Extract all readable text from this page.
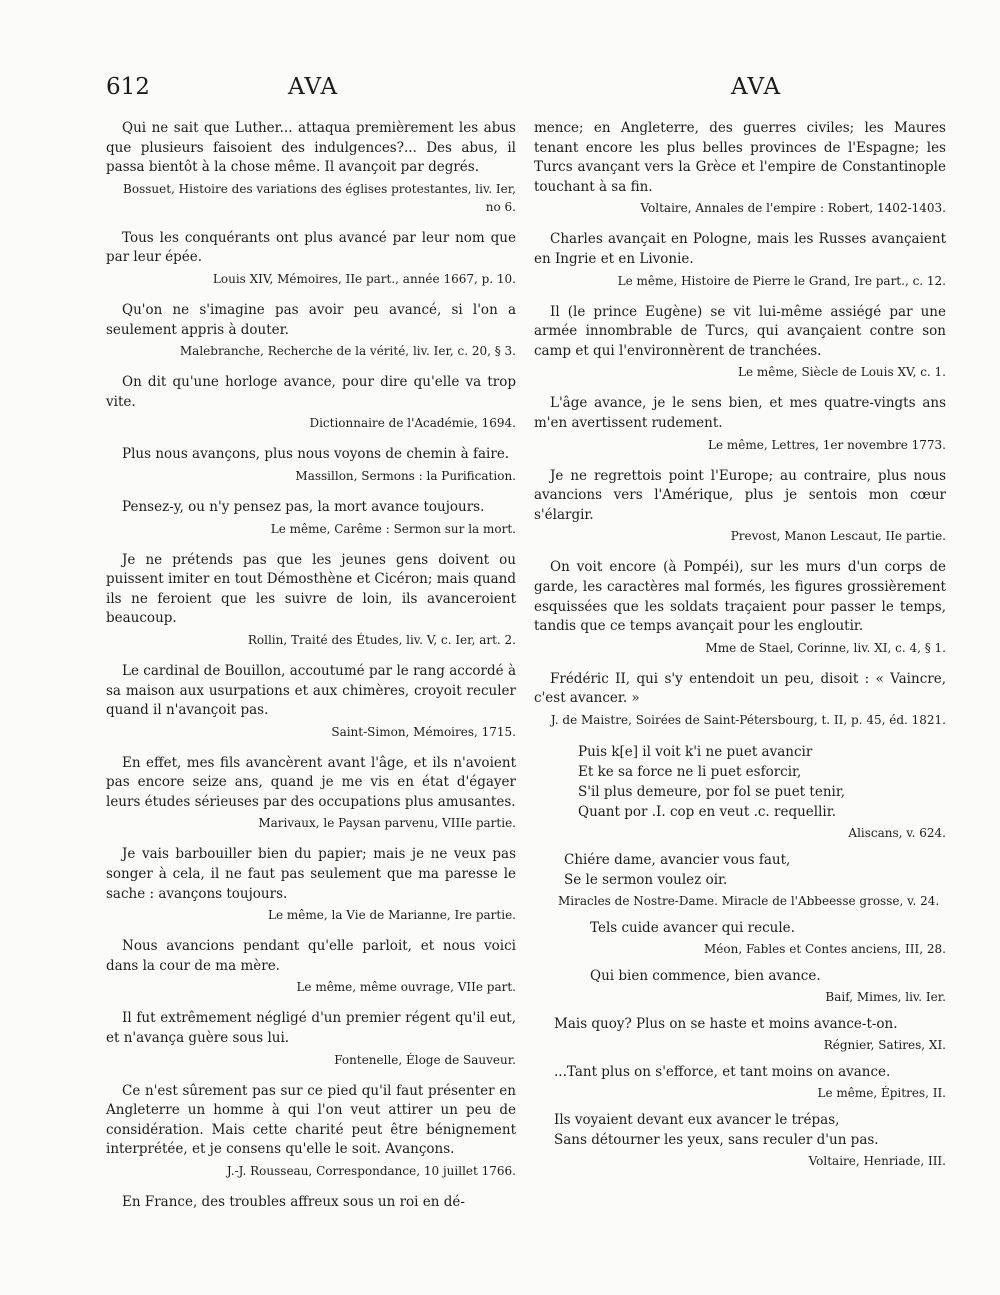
612	AVA	AVA

Qui ne sait que Luther... attaqua premièrement les abus que plusieurs faisoient des indulgences?... Des abus, il passa bientôt à la chose même. Il avançoit par degrés.

Bossuet, Histoire des variations des églises protestantes, liv. Ier, no 6.

Tous les conquérants ont plus avancé par leur nom que par leur épée.

Louis XIV, Mémoires, IIe part., année 1667, p. 10.

Qu'on ne s'imagine pas avoir peu avancé, si l'on a seulement appris à douter.

Malebranche, Recherche de la vérité, liv. Ier, c. 20, § 3.

On dit qu'une horloge avance, pour dire qu'elle va trop vite.

Dictionnaire de l'Académie, 1694.

Plus nous avançons, plus nous voyons de chemin à faire.

Massillon, Sermons : la Purification.

Pensez-y, ou n'y pensez pas, la mort avance toujours.

Le même, Carême : Sermon sur la mort.

Je ne prétends pas que les jeunes gens doivent ou puissent imiter en tout Démosthène et Cicéron; mais quand ils ne feroient que les suivre de loin, ils avanceroient beaucoup.

Rollin, Traité des Études, liv. V, c. Ier, art. 2.

Le cardinal de Bouillon, accoutumé par le rang accordé à sa maison aux usurpations et aux chimères, croyoit reculer quand il n'avançoit pas.

Saint-Simon, Mémoires, 1715.

En effet, mes fils avancèrent avant l'âge, et ils n'avoient pas encore seize ans, quand je me vis en état d'égayer leurs études sérieuses par des occupations plus amusantes.

Marivaux, le Paysan parvenu, VIIIe partie.

Je vais barbouiller bien du papier; mais je ne veux pas songer à cela, il ne faut pas seulement que ma paresse le sache : avançons toujours.

Le même, la Vie de Marianne, Ire partie.

Nous avancions pendant qu'elle parloit, et nous voici dans la cour de ma mère.

Le même, même ouvrage, VIIe part.

Il fut extrêmement négligé d'un premier régent qu'il eut, et n'avança guère sous lui.

Fontenelle, Éloge de Sauveur.

Ce n'est sûrement pas sur ce pied qu'il faut présenter en Angleterre un homme à qui l'on veut attirer un peu de considération. Mais cette charité peut être bénignement interprétée, et je consens qu'elle le soit. Avançons.

J.-J. Rousseau, Correspondance, 10 juillet 1766.

En France, des troubles affreux sous un roi en dé-

mence; en Angleterre, des guerres civiles; les Maures tenant encore les plus belles provinces de l'Espagne; les Turcs avançant vers la Grèce et l'empire de Constantinople touchant à sa fin.

Voltaire, Annales de l'empire : Robert, 1402-1403.

Charles avançait en Pologne, mais les Russes avançaient en Ingrie et en Livonie.

Le même, Histoire de Pierre le Grand, Ire part., c. 12.

Il (le prince Eugène) se vit lui-même assiégé par une armée innombrable de Turcs, qui avançaient contre son camp et qui l'environnèrent de tranchées.

Le même, Siècle de Louis XV, c. 1.

L'âge avance, je le sens bien, et mes quatre-vingts ans m'en avertissent rudement.

Le même, Lettres, 1er novembre 1773.

Je ne regrettois point l'Europe; au contraire, plus nous avancions vers l'Amérique, plus je sentois mon cœur s'élargir.

Prevost, Manon Lescaut, IIe partie.

On voit encore (à Pompéi), sur les murs d'un corps de garde, les caractères mal formés, les figures grossièrement esquissées que les soldats traçaient pour passer le temps, tandis que ce temps avançait pour les engloutir.

Mme de Stael, Corinne, liv. XI, c. 4, § 1.

Frédéric II, qui s'y entendoit un peu, disoit : « Vaincre, c'est avancer. »

J. de Maistre, Soirées de Saint-Pétersbourg, t. II, p. 45, éd. 1821.

Puis k[e] il voit k'i ne puet avancir
Et ke sa force ne li puet esforcir,
S'il plus demeure, por fol se puet tenir,
Quant por .I. cop en veut .c. requellir.
Aliscans, v. 624.
Chiére dame, avancier vous faut,
Se le sermon voulez oir.
Miracles de Nostre-Dame. Miracle de l'Abbeesse grosse, v. 24.
Tels cuide avancer qui recule.
Méon, Fables et Contes anciens, III, 28.
Qui bien commence, bien avance.
Baif, Mimes, liv. Ier.
Mais quoy? Plus on se haste et moins avance-t-on.
Régnier, Satires, XI.
...Tant plus on s'efforce, et tant moins on avance.
Le même, Épitres, II.
Ils voyaient devant eux avancer le trépas,
Sans détourner les yeux, sans reculer d'un pas.
Voltaire, Henriade, III.
